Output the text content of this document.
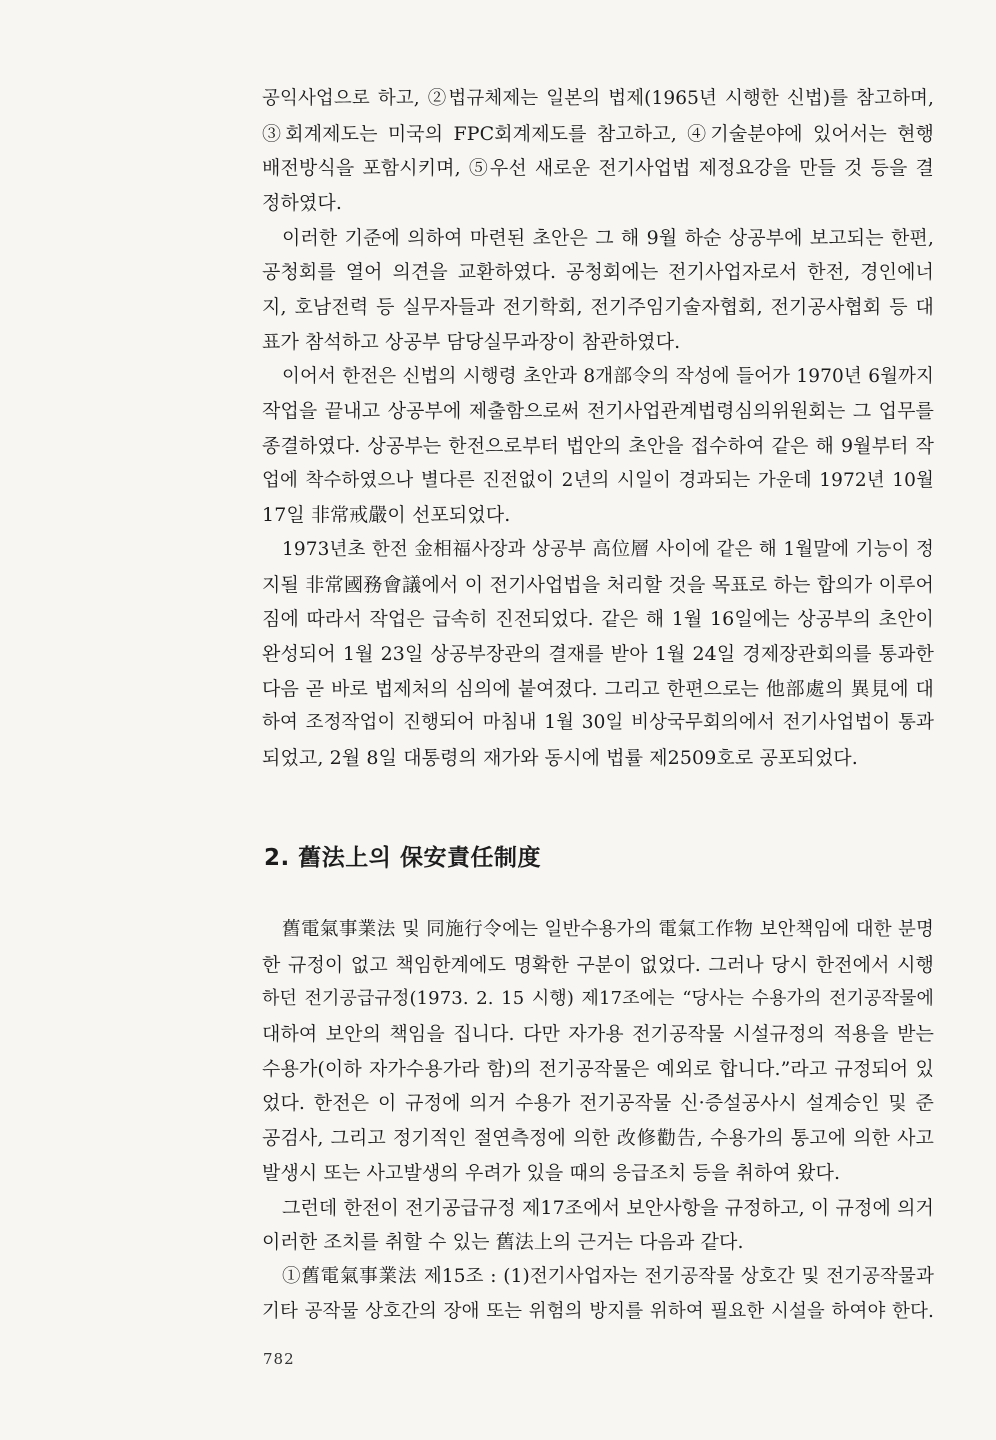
공익사업으로 하고, ②법규체제는 일본의 법제(1965년 시행한 신법)를 참고하며,
③회계제도는 미국의 FPC회계제도를 참고하고, ④기술분야에 있어서는 현행
배전방식을 포함시키며, ⑤우선 새로운 전기사업법 제정요강을 만들 것 등을 결
정하였다.
이러한 기준에 의하여 마련된 초안은 그 해 9월 하순 상공부에 보고되는 한편,
공청회를 열어 의견을 교환하였다. 공청회에는 전기사업자로서 한전, 경인에너
지, 호남전력 등 실무자들과 전기학회, 전기주임기술자협회, 전기공사협회 등 대
표가 참석하고 상공부 담당실무과장이 참관하였다.
이어서 한전은 신법의 시행령 초안과 8개部令의 작성에 들어가 1970년 6월까지
작업을 끝내고 상공부에 제출함으로써 전기사업관계법령심의위원회는 그 업무를
종결하였다. 상공부는 한전으로부터 법안의 초안을 접수하여 같은 해 9월부터 작
업에 착수하였으나 별다른 진전없이 2년의 시일이 경과되는 가운데 1972년 10월
17일 非常戒嚴이 선포되었다.
1973년초 한전 金相福사장과 상공부 高位層 사이에 같은 해 1월말에 기능이 정
지될 非常國務會議에서 이 전기사업법을 처리할 것을 목표로 하는 합의가 이루어
짐에 따라서 작업은 급속히 진전되었다. 같은 해 1월 16일에는 상공부의 초안이
완성되어 1월 23일 상공부장관의 결재를 받아 1월 24일 경제장관회의를 통과한
다음 곧 바로 법제처의 심의에 붙여졌다. 그리고 한편으로는 他部處의 異見에 대
하여 조정작업이 진행되어 마침내 1월 30일 비상국무회의에서 전기사업법이 통과
되었고, 2월 8일 대통령의 재가와 동시에 법률 제2509호로 공포되었다.
2. 舊法上의 保安責任制度
舊電氣事業法 및 同施行令에는 일반수용가의 電氣工作物 보안책임에 대한 분명
한 규정이 없고 책임한계에도 명확한 구분이 없었다. 그러나 당시 한전에서 시행
하던 전기공급규정(1973. 2. 15 시행) 제17조에는 “당사는 수용가의 전기공작물에
대하여 보안의 책임을 집니다. 다만 자가용 전기공작물 시설규정의 적용을 받는
수용가(이하 자가수용가라 함)의 전기공작물은 예외로 합니다.”라고 규정되어 있
었다. 한전은 이 규정에 의거 수용가 전기공작물 신·증설공사시 설계승인 및 준
공검사, 그리고 정기적인 절연측정에 의한 改修勸告, 수용가의 통고에 의한 사고
발생시 또는 사고발생의 우려가 있을 때의 응급조치 등을 취하여 왔다.
그런데 한전이 전기공급규정 제17조에서 보안사항을 규정하고, 이 규정에 의거
이러한 조치를 취할 수 있는 舊法上의 근거는 다음과 같다.
①舊電氣事業法 제15조 : (1)전기사업자는 전기공작물 상호간 및 전기공작물과
기타 공작물 상호간의 장애 또는 위험의 방지를 위하여 필요한 시설을 하여야 한다.
782
